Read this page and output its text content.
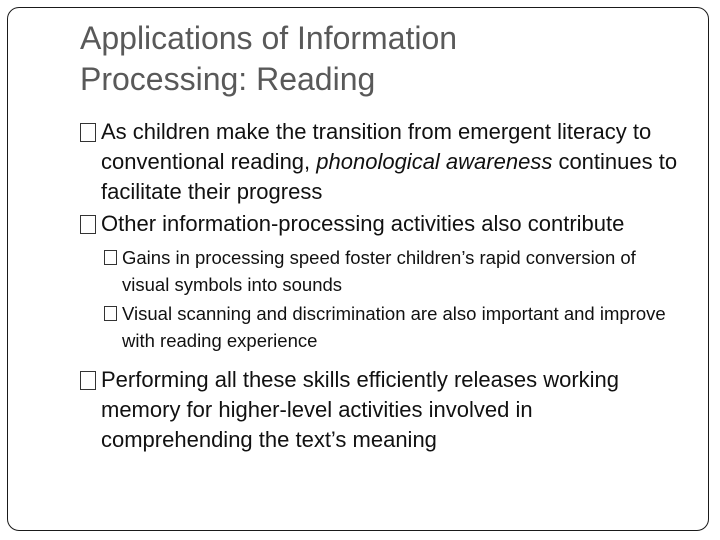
Applications of Information
Processing: Reading

As children make the transition from emergent literacy to conventional reading, phonological awareness continues to facilitate their progress

Other information-processing activities also contribute

Gains in processing speed foster children’s rapid conversion of visual symbols into sounds

Visual scanning and discrimination are also important and improve with reading experience

Performing all these skills efficiently releases working memory for higher-level activities involved in comprehending the text’s meaning
